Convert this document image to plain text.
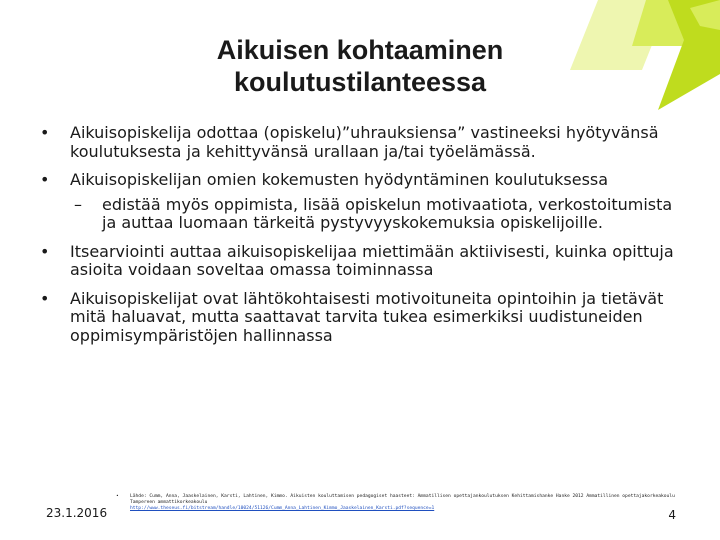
Aikuisen kohtaaminen
koulutustilanteessa
• Aikuisopiskelija odottaa (opiskelu)”uhrauksiensa” vastineeksi hyötyvänsä koulutuksesta ja kehittyvänsä urallaan ja/tai työelämässä.
• Aikuisopiskelijan omien kokemusten hyödyntäminen koulutuksessa
– edistää myös oppimista, lisää opiskelun motivaatiota, verkostoitumista ja auttaa luomaan tärkeitä pystyvyyskokemuksia opiskelijoille.
• Itsearviointi auttaa aikuisopiskelijaa miettimään aktiivisesti, kuinka opittuja asioita voidaan soveltaa omassa toiminnassa
• Aikuisopiskelijat ovat lähtökohtaisesti motivoituneita opintoihin ja tietävät mitä haluavat, mutta saattavat tarvita tukea esimerkiksi uudistuneiden oppimisympäristöjen hallinnassa
23.1.2016
•	Lähde: Cumm, Anna, Jaaskelainen, Karsti, Lahtinen, Kimmo. Aikuisten kouluttamisen pedagogiset haasteet: Ammatillisen opettajankoulutuksen Kehittamishanke Hanke 2012 Ammatillinen opettajakorkeakoulu Tampereen ammattikorkeakoulu
http://www.theseus.fi/bitstream/handle/10024/51126/Cumm_Anna_Lahtinen_Kimmo_Jaaskelainen_Karsti.pdf?sequence=1	4
